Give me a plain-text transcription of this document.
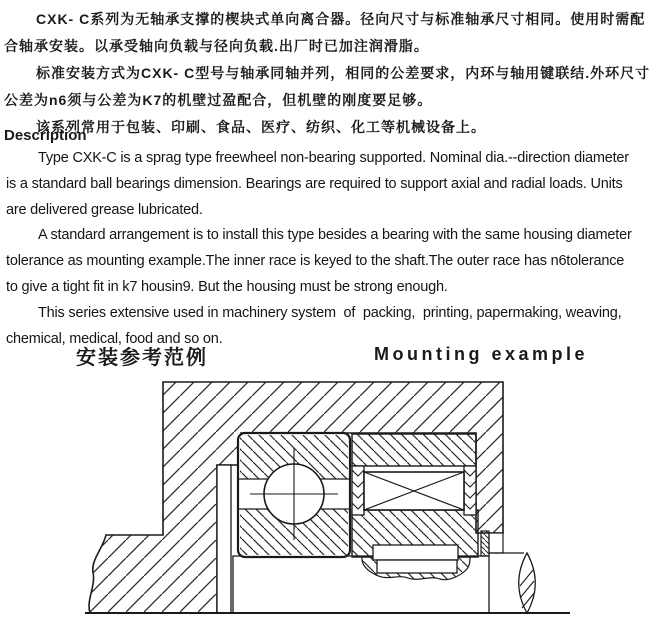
CXK- C系列为无轴承支撑的楔块式单向离合器。径向尺寸与标准轴承尺寸相同。使用时需配
合轴承安装。以承受轴向负载与径向负载.出厂时已加注润滑脂。
标准安装方式为CXK- C型号与轴承同轴并列，相同的公差要求，内环与轴用键联结.外环尺寸
公差为n6须与公差为K7的机壁过盈配合，但机壁的刚度要足够。
该系列常用于包装、印刷、食品、医疗、纺织、化工等机械设备上。
Description
Type CXK-C is a sprag type freewheel non-bearing supported. Nominal dia.--direction diameter
is a standard ball bearings dimension. Bearings are required to support axial and radial loads. Units
are delivered grease lubricated.
A standard arrangement is to install this type besides a bearing with the same housing diameter
tolerance as mounting example.The inner race is keyed to the shaft.The outer race has n6tolerance
to give a tight fit in k7 housin9. But the housing must be strong enough.
This series extensive used in machinery system  of  packing,  printing, papermaking, weaving,
chemical, medical, food and so on.
安装参考范例	Mounting example
